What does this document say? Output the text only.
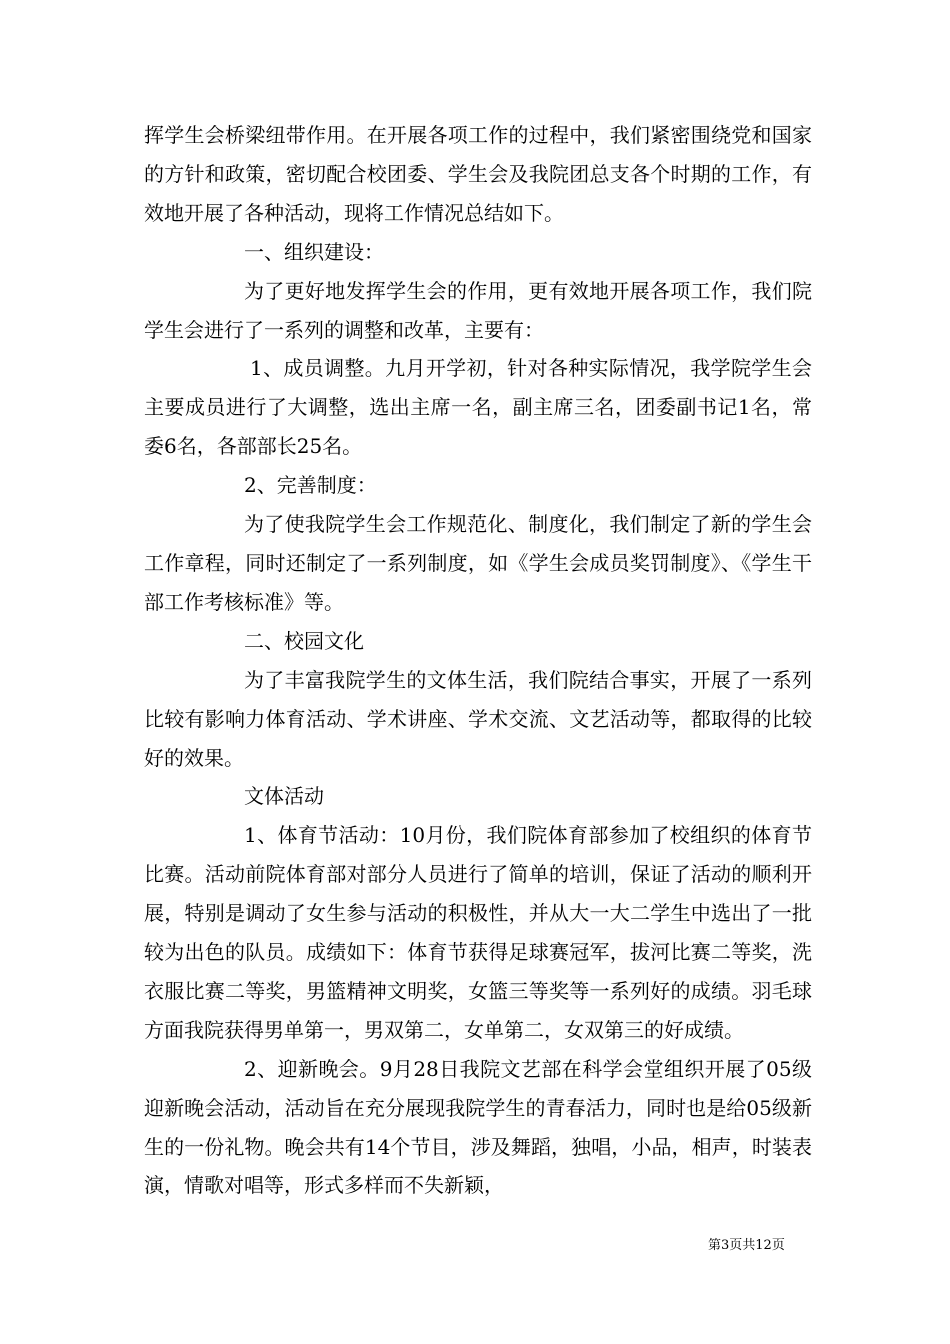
挥学生会桥梁纽带作用。在开展各项工作的过程中，我们紧密围绕党和国家的方针和政策，密切配合校团委、学生会及我院团总支各个时期的工作，有效地开展了各种活动，现将工作情况总结如下。

一、组织建设：

为了更好地发挥学生会的作用，更有效地开展各项工作，我们院学生会进行了一系列的调整和改革，主要有：

1、成员调整。九月开学初，针对各种实际情况，我学院学生会主要成员进行了大调整，选出主席一名，副主席三名，团委副书记1名，常委6名，各部部长25名。

2、完善制度：

为了使我院学生会工作规范化、制度化，我们制定了新的学生会工作章程，同时还制定了一系列制度，如《学生会成员奖罚制度》、《学生干部工作考核标准》等。

二、校园文化

为了丰富我院学生的文体生活，我们院结合事实，开展了一系列比较有影响力体育活动、学术讲座、学术交流、文艺活动等，都取得的比较好的效果。

文体活动

1、体育节活动：10月份，我们院体育部参加了校组织的体育节比赛。活动前院体育部对部分人员进行了简单的培训，保证了活动的顺利开展，特别是调动了女生参与活动的积极性，并从大一大二学生中选出了一批较为出色的队员。成绩如下：体育节获得足球赛冠军，拔河比赛二等奖，洗衣服比赛二等奖，男篮精神文明奖，女篮三等奖等一系列好的成绩。羽毛球方面我院获得男单第一，男双第二，女单第二，女双第三的好成绩。

2、迎新晚会。9月28日我院文艺部在科学会堂组织开展了05级迎新晚会活动，活动旨在充分展现我院学生的青春活力，同时也是给05级新生的一份礼物。晚会共有14个节目，涉及舞蹈，独唱，小品，相声，时装表演，情歌对唱等，形式多样而不失新颖，

第3页共12页
